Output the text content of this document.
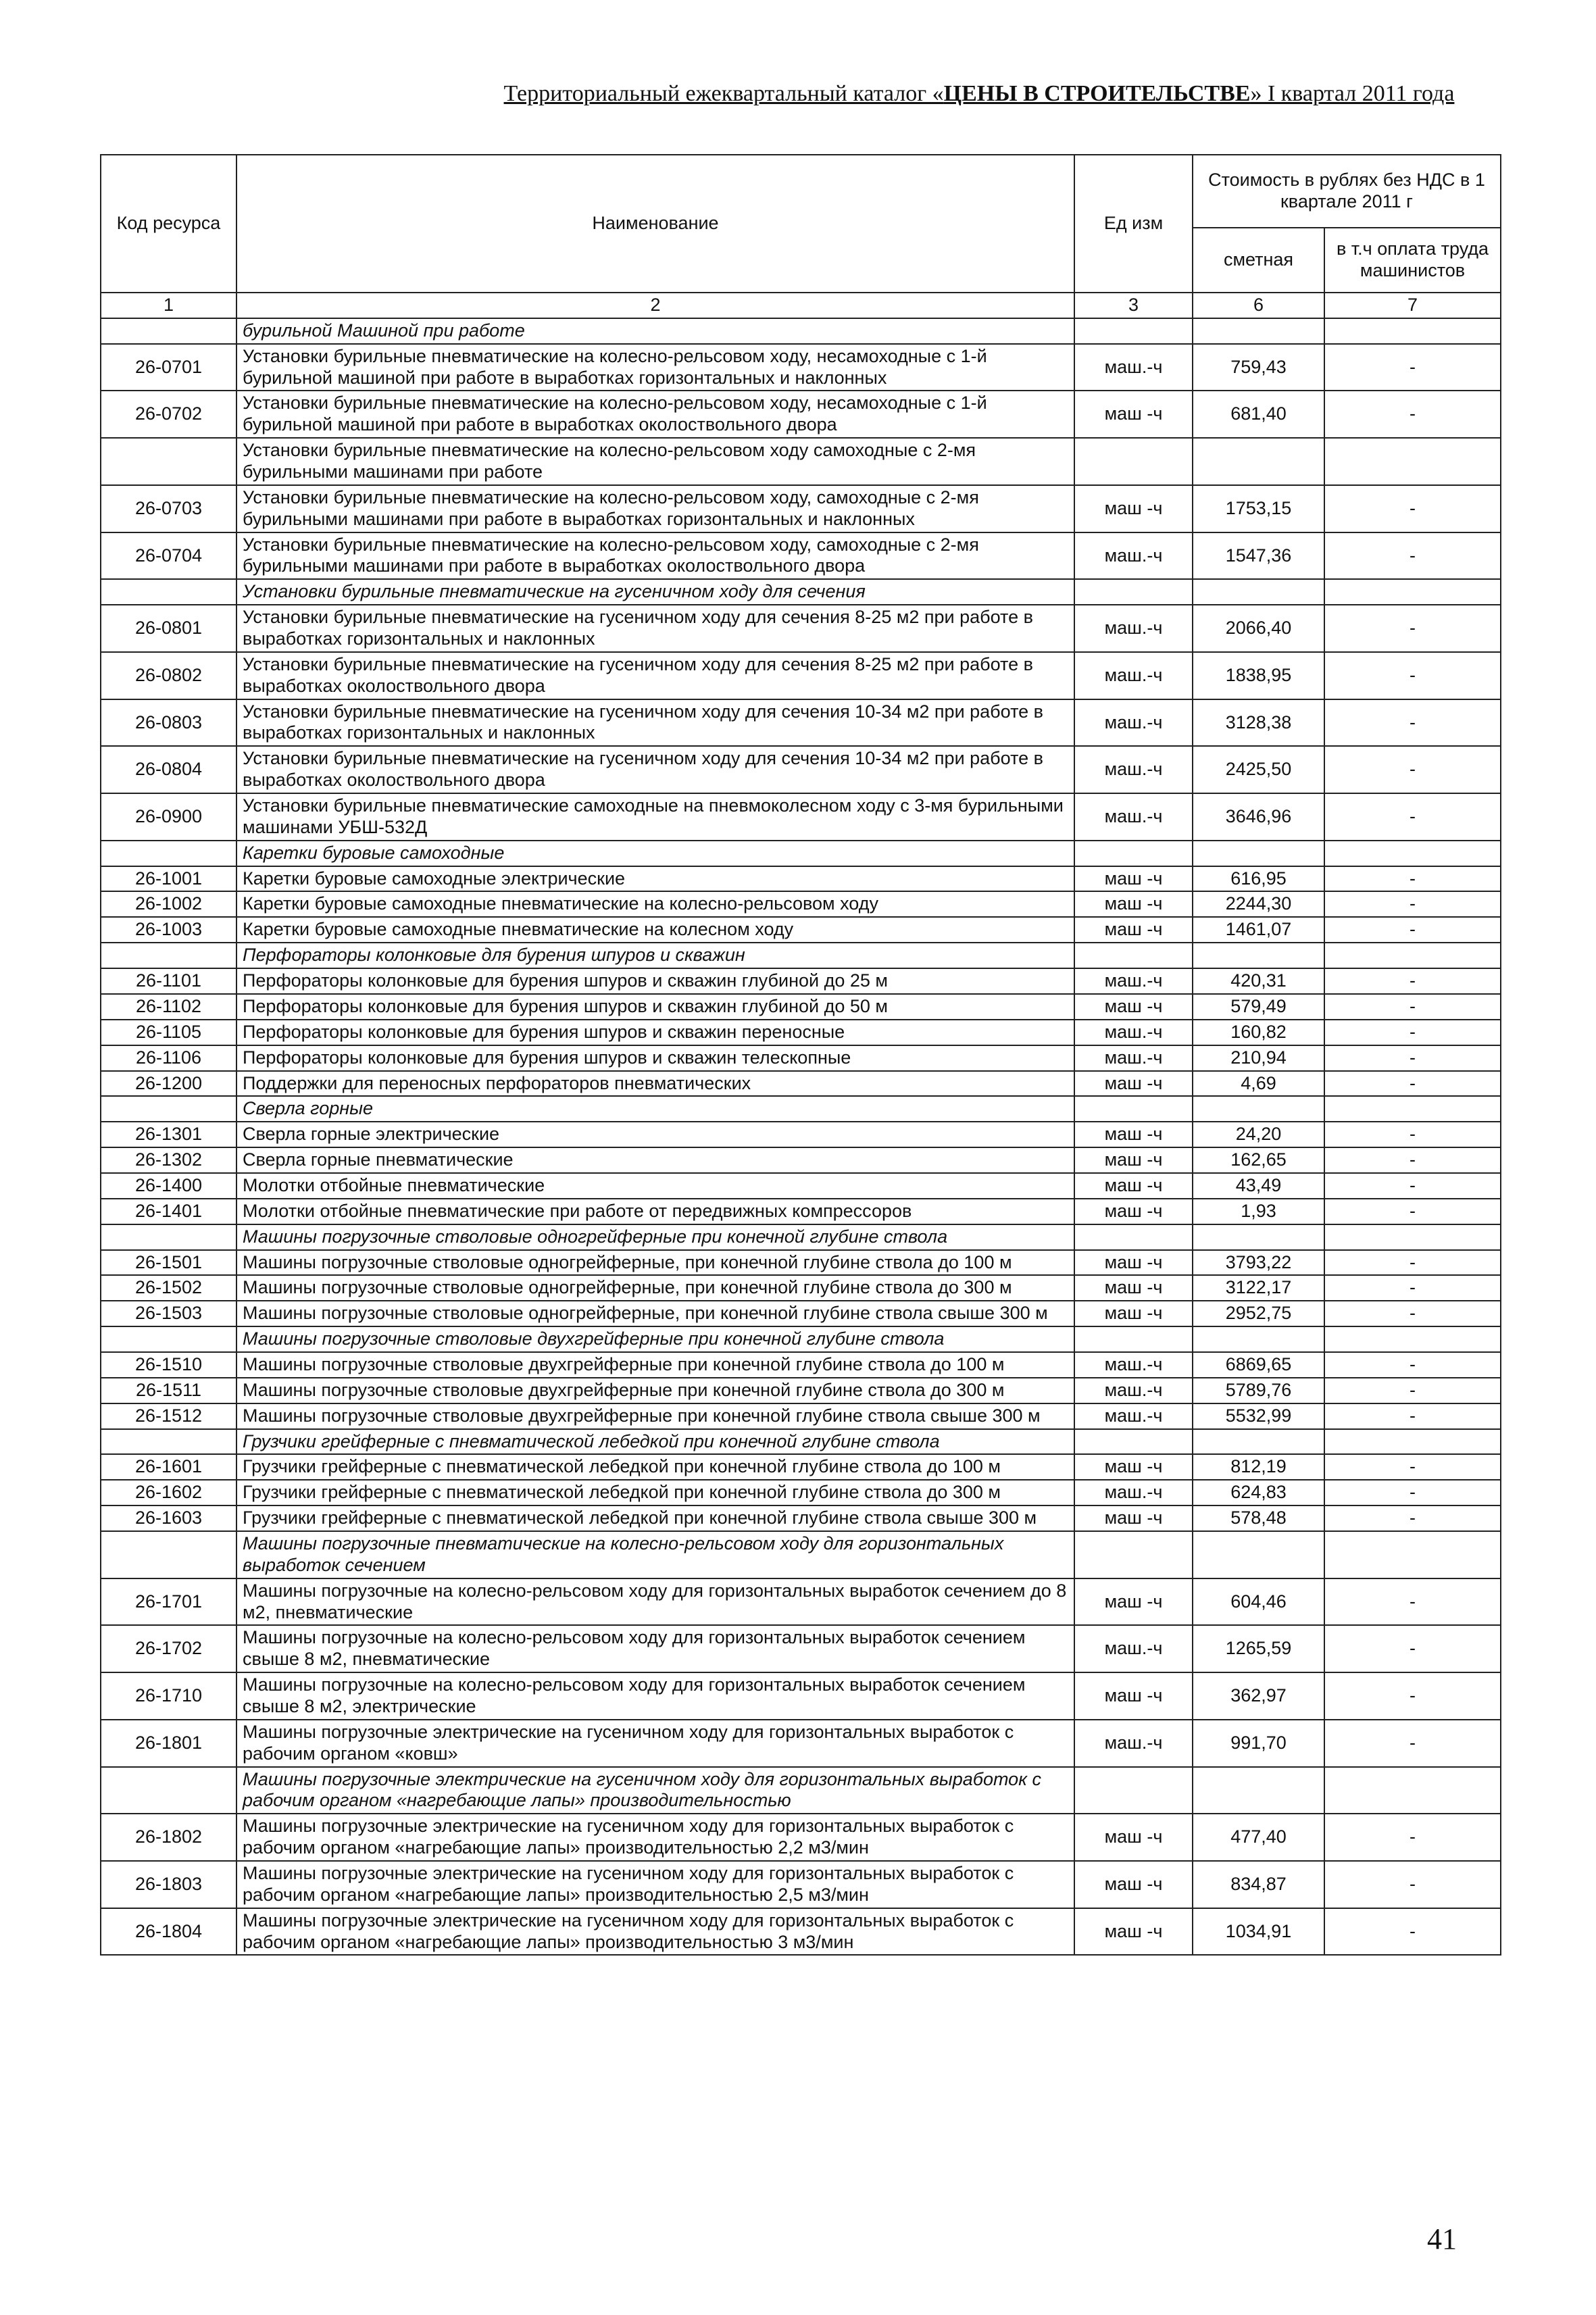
Территориальный ежеквартальный каталог «ЦЕНЫ В СТРОИТЕЛЬСТВЕ» I квартал 2011 года
Код ресурса	Наименование	Ед изм	Стоимость в рублях без НДС в 1 квартале 2011 г	
			сметная	в т.ч оплата труда машинистов
1	2	3	6	7
	бурильной Машиной при работе			
26-0701	Установки бурильные пневматические на колесно-рельсовом ходу, несамоходные с 1-й бурильной машиной при работе в выработках горизонтальных и наклонных	маш.-ч	759,43	-
26-0702	Установки бурильные пневматические на колесно-рельсовом ходу, несамоходные с 1-й бурильной машиной при работе в выработках околоствольного двора	маш -ч	681,40	-
	Установки бурильные пневматические на колесно-рельсовом ходу самоходные с 2-мя бурильными машинами при работе			
26-0703	Установки бурильные пневматические на колесно-рельсовом ходу, самоходные с 2-мя бурильными машинами при работе в выработках горизонтальных и наклонных	маш -ч	1753,15	-
26-0704	Установки бурильные пневматические на колесно-рельсовом ходу, самоходные с 2-мя бурильными машинами при работе в выработках околоствольного двора	маш.-ч	1547,36	-
	Установки бурильные пневматические на гусеничном ходу для сечения			
26-0801	Установки бурильные пневматические на гусеничном ходу для сечения 8-25 м2 при работе в выработках горизонтальных и наклонных	маш.-ч	2066,40	-
26-0802	Установки бурильные пневматические на гусеничном ходу для сечения 8-25 м2 при работе в выработках околоствольного двора	маш.-ч	1838,95	-
26-0803	Установки бурильные пневматические на гусеничном ходу для сечения 10-34 м2 при работе в выработках горизонтальных и наклонных	маш.-ч	3128,38	-
26-0804	Установки бурильные пневматические на гусеничном ходу для сечения 10-34 м2 при работе в выработках околоствольного двора	маш.-ч	2425,50	-
26-0900	Установки бурильные пневматические самоходные на пневмоколесном ходу с 3-мя бурильными машинами УБШ-532Д	маш.-ч	3646,96	-
	Каретки буровые самоходные			
26-1001	Каретки буровые самоходные электрические	маш -ч	616,95	-
26-1002	Каретки буровые самоходные пневматические на колесно-рельсовом ходу	маш -ч	2244,30	-
26-1003	Каретки буровые самоходные пневматические на колесном ходу	маш -ч	1461,07	-
	Перфораторы колонковые для бурения шпуров и скважин			
26-1101	Перфораторы колонковые для бурения шпуров и скважин глубиной до 25 м	маш.-ч	420,31	-
26-1102	Перфораторы колонковые для бурения шпуров и скважин глубиной до 50 м	маш -ч	579,49	-
26-1105	Перфораторы колонковые для бурения шпуров и скважин переносные	маш.-ч	160,82	-
26-1106	Перфораторы колонковые для бурения шпуров и скважин телескопные	маш.-ч	210,94	-
26-1200	Поддержки для переносных перфораторов пневматических	маш -ч	4,69	-
	Сверла горные			
26-1301	Сверла горные электрические	маш -ч	24,20	-
26-1302	Сверла горные пневматические	маш -ч	162,65	-
26-1400	Молотки отбойные пневматические	маш -ч	43,49	-
26-1401	Молотки отбойные пневматические при работе от передвижных компрессоров	маш -ч	1,93	-
	Машины погрузочные стволовые одногрейферные при конечной глубине ствола			
26-1501	Машины погрузочные стволовые одногрейферные, при конечной глубине ствола до 100 м	маш -ч	3793,22	-
26-1502	Машины погрузочные стволовые одногрейферные, при конечной глубине ствола до 300 м	маш -ч	3122,17	-
26-1503	Машины погрузочные стволовые одногрейферные, при конечной глубине ствола свыше 300 м	маш -ч	2952,75	-
	Машины погрузочные стволовые двухгрейферные при конечной глубине ствола			
26-1510	Машины погрузочные стволовые двухгрейферные при конечной глубине ствола до 100 м	маш.-ч	6869,65	-
26-1511	Машины погрузочные стволовые двухгрейферные при конечной глубине ствола до 300 м	маш.-ч	5789,76	-
26-1512	Машины погрузочные стволовые двухгрейферные при конечной глубине ствола свыше 300 м	маш.-ч	5532,99	-
	Грузчики грейферные с пневматической лебедкой при конечной глубине ствола			
26-1601	Грузчики грейферные с пневматической лебедкой при конечной глубине ствола до 100 м	маш -ч	812,19	-
26-1602	Грузчики грейферные с пневматической лебедкой при конечной глубине ствола до 300 м	маш.-ч	624,83	-
26-1603	Грузчики грейферные с пневматической лебедкой при конечной глубине ствола свыше 300 м	маш -ч	578,48	-
	Машины погрузочные пневматические на колесно-рельсовом ходу для горизонтальных выработок сечением			
26-1701	Машины погрузочные на колесно-рельсовом ходу для горизонтальных выработок сечением до 8 м2, пневматические	маш -ч	604,46	-
26-1702	Машины погрузочные на колесно-рельсовом ходу для горизонтальных выработок сечением свыше 8 м2, пневматические	маш.-ч	1265,59	-
26-1710	Машины погрузочные на колесно-рельсовом ходу для горизонтальных выработок сечением свыше 8 м2, электрические	маш -ч	362,97	-
26-1801	Машины погрузочные электрические на гусеничном ходу для горизонтальных выработок с рабочим органом «ковш»	маш.-ч	991,70	-
	Машины погрузочные электрические на гусеничном ходу для горизонтальных выработок с рабочим органом «нагребающие лапы» производительностью			
26-1802	Машины погрузочные электрические на гусеничном ходу для горизонтальных выработок с рабочим органом «нагребающие лапы» производительностью 2,2 м3/мин	маш -ч	477,40	-
26-1803	Машины погрузочные электрические на гусеничном ходу для горизонтальных выработок с рабочим органом «нагребающие лапы» производительностью 2,5 м3/мин	маш -ч	834,87	-
26-1804	Машины погрузочные электрические на гусеничном ходу для горизонтальных выработок с рабочим органом «нагребающие лапы» производительностью 3 м3/мин	маш -ч	1034,91	-
41
